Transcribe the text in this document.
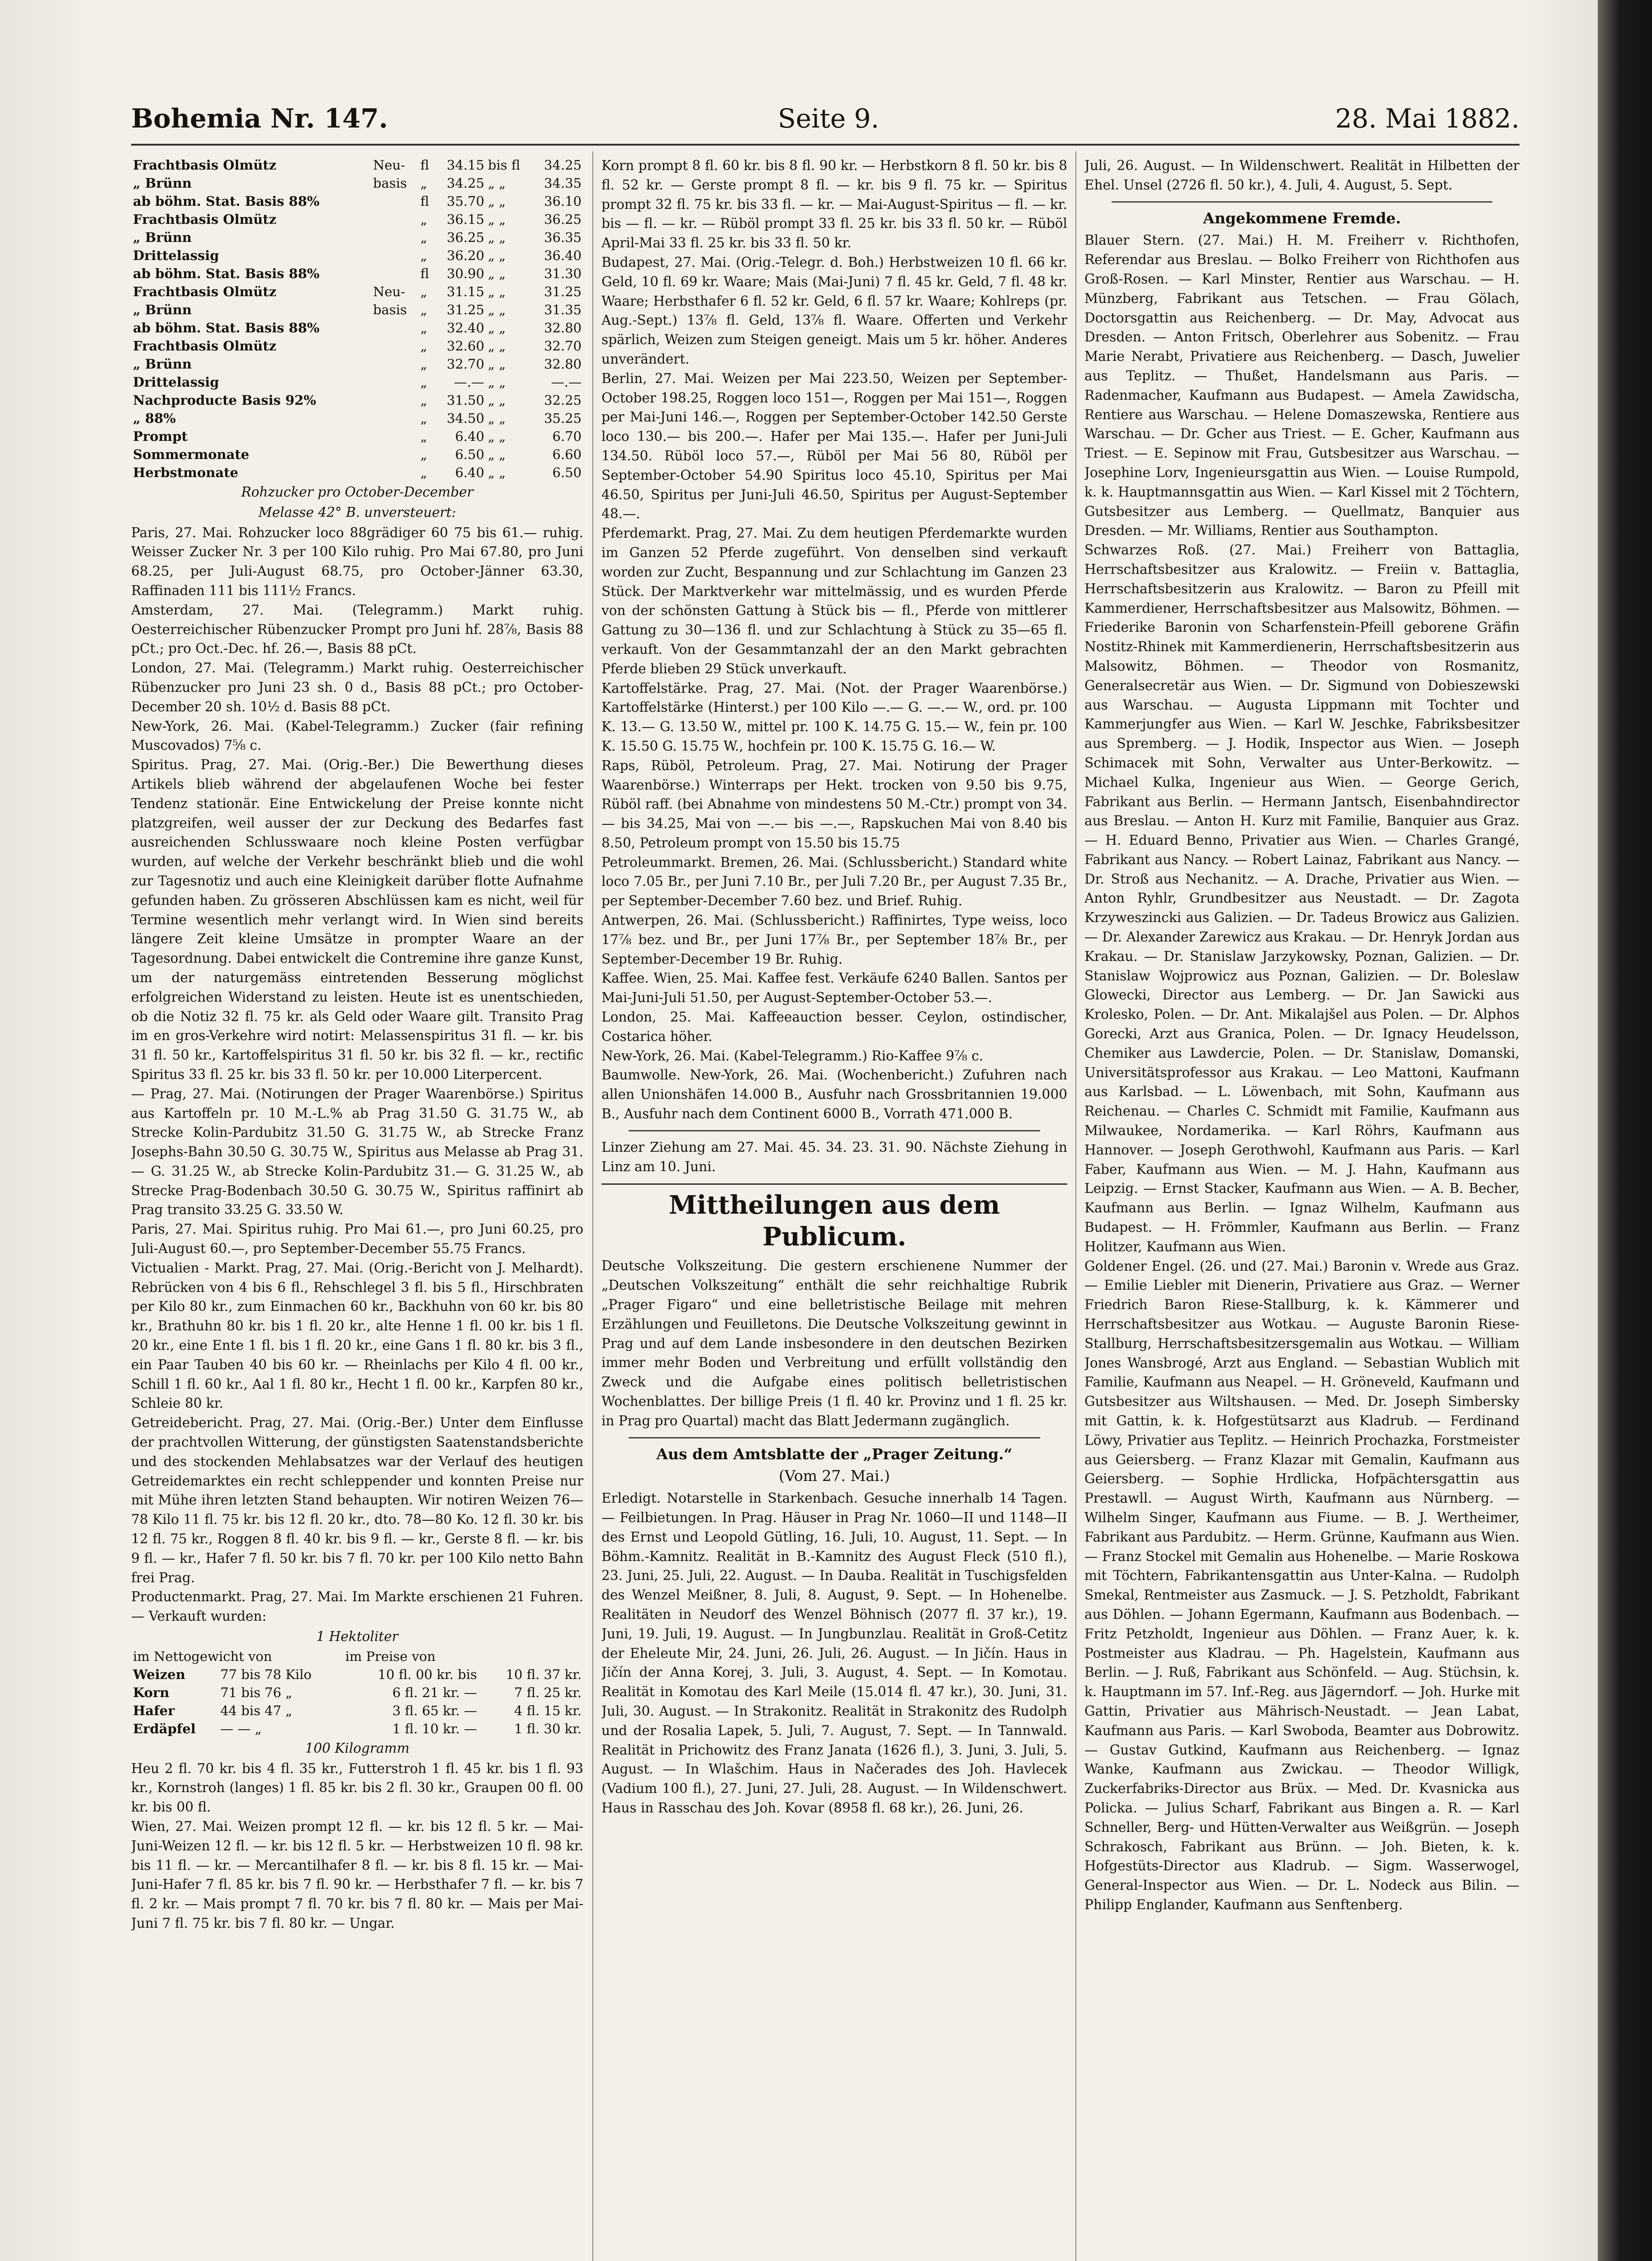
Bohemia Nr. 147.	Seite 9.	28. Mai 1882.
Frachtbasis Olmütz	Neu-	fl	34.15	bis fl	34.25
„ Brünn	basis	„	34.25	„ „	34.35
ab böhm. Stat. Basis 88%		fl	35.70	„ „	36.10
Frachtbasis Olmütz		„	36.15	„ „	36.25
„ Brünn		„	36.25	„ „	36.35
Drittelassig		„	36.20	„ „	36.40
ab böhm. Stat. Basis 88%		fl	30.90	„ „	31.30
Frachtbasis Olmütz	Neu-	„	31.15	„ „	31.25
„ Brünn	basis	„	31.25	„ „	31.35
ab böhm. Stat. Basis 88%		„	32.40	„ „	32.80
Frachtbasis Olmütz		„	32.60	„ „	32.70
„ Brünn		„	32.70	„ „	32.80
Drittelassig		„	—.—	„ „	—.—
Nachproducte Basis 92%		„	31.50	„ „	32.25
„ 88%		„	34.50	„ „	35.25
Prompt		„	6.40	„ „	6.70
Sommermonate		„	6.50	„ „	6.60
Herbstmonate		„	6.40	„ „	6.50

Rohzucker pro October-December

Melasse 42° B. unversteuert:

Paris, 27. Mai. Rohzucker loco 88grädiger 60 75 bis 61.— ruhig. Weisser Zucker Nr. 3 per 100 Kilo ruhig. Pro Mai 67.80, pro Juni 68.25, per Juli-August 68.75, pro October-Jänner 63.30, Raffinaden 111 bis 111½ Francs.

Amsterdam, 27. Mai. (Telegramm.) Markt ruhig. Oesterreichischer Rübenzucker Prompt pro Juni hf. 28⅞, Basis 88 pCt.; pro Oct.-Dec. hf. 26.—, Basis 88 pCt.

London, 27. Mai. (Telegramm.) Markt ruhig. Oesterreichischer Rübenzucker pro Juni 23 sh. 0 d., Basis 88 pCt.; pro October-December 20 sh. 10½ d. Basis 88 pCt.

New-York, 26. Mai. (Kabel-Telegramm.) Zucker (fair refining Muscovados) 7⅝ c.

Spiritus. Prag, 27. Mai. (Orig.-Ber.) Die Bewerthung dieses Artikels blieb während der abgelaufenen Woche bei fester Tendenz stationär. Eine Entwickelung der Preise konnte nicht platzgreifen, weil ausser der zur Deckung des Bedarfes fast ausreichenden Schlusswaare noch kleine Posten verfügbar wurden, auf welche der Verkehr beschränkt blieb und die wohl zur Tagesnotiz und auch eine Kleinigkeit darüber flotte Aufnahme gefunden haben. Zu grösseren Abschlüssen kam es nicht, weil für Termine wesentlich mehr verlangt wird. In Wien sind bereits längere Zeit kleine Umsätze in prompter Waare an der Tagesordnung. Dabei entwickelt die Contremine ihre ganze Kunst, um der naturgemäss eintretenden Besserung möglichst erfolgreichen Widerstand zu leisten. Heute ist es unentschieden, ob die Notiz 32 fl. 75 kr. als Geld oder Waare gilt. Transito Prag im en gros-Verkehre wird notirt: Melassenspiritus 31 fl. — kr. bis 31 fl. 50 kr., Kartoffelspiritus 31 fl. 50 kr. bis 32 fl. — kr., rectific Spiritus 33 fl. 25 kr. bis 33 fl. 50 kr. per 10.000 Literpercent.

— Prag, 27. Mai. (Notirungen der Prager Waarenbörse.) Spiritus aus Kartoffeln pr. 10 M.-L.% ab Prag 31.50 G. 31.75 W., ab Strecke Kolin-Pardubitz 31.50 G. 31.75 W., ab Strecke Franz Josephs-Bahn 30.50 G. 30.75 W., Spiritus aus Melasse ab Prag 31.— G. 31.25 W., ab Strecke Kolin-Pardubitz 31.— G. 31.25 W., ab Strecke Prag-Bodenbach 30.50 G. 30.75 W., Spiritus raffinirt ab Prag transito 33.25 G. 33.50 W.

Paris, 27. Mai. Spiritus ruhig. Pro Mai 61.—, pro Juni 60.25, pro Juli-August 60.—, pro September-December 55.75 Francs.

Victualien - Markt. Prag, 27. Mai. (Orig.-Bericht von J. Melhardt). Rebrücken von 4 bis 6 fl., Rehschlegel 3 fl. bis 5 fl., Hirschbraten per Kilo 80 kr., zum Einmachen 60 kr., Backhuhn von 60 kr. bis 80 kr., Brathuhn 80 kr. bis 1 fl. 20 kr., alte Henne 1 fl. 00 kr. bis 1 fl. 20 kr., eine Ente 1 fl. bis 1 fl. 20 kr., eine Gans 1 fl. 80 kr. bis 3 fl., ein Paar Tauben 40 bis 60 kr. — Rheinlachs per Kilo 4 fl. 00 kr., Schill 1 fl. 60 kr., Aal 1 fl. 80 kr., Hecht 1 fl. 00 kr., Karpfen 80 kr., Schleie 80 kr.

Getreidebericht. Prag, 27. Mai. (Orig.-Ber.) Unter dem Einflusse der prachtvollen Witterung, der günstigsten Saatenstandsberichte und des stockenden Mehlabsatzes war der Verlauf des heutigen Getreidemarktes ein recht schleppender und konnten Preise nur mit Mühe ihren letzten Stand behaupten. Wir notiren Weizen 76—78 Kilo 11 fl. 75 kr. bis 12 fl. 20 kr., dto. 78—80 Ko. 12 fl. 30 kr. bis 12 fl. 75 kr., Roggen 8 fl. 40 kr. bis 9 fl. — kr., Gerste 8 fl. — kr. bis 9 fl. — kr., Hafer 7 fl. 50 kr. bis 7 fl. 70 kr. per 100 Kilo netto Bahn frei Prag.

Productenmarkt. Prag, 27. Mai. Im Markte erschienen 21 Fuhren. — Verkauft wurden:

1 Hektoliter

im Nettogewicht von		im Preise von	
Weizen	77 bis 78 Kilo	10 fl. 00 kr. bis	10 fl. 37 kr.
Korn	71 bis 76 „	6 fl. 21 kr. —	7 fl. 25 kr.
Hafer	44 bis 47 „	3 fl. 65 kr. —	4 fl. 15 kr.
Erdäpfel	— — „	1 fl. 10 kr. —	1 fl. 30 kr.

100 Kilogramm

Heu 2 fl. 70 kr. bis 4 fl. 35 kr., Futterstroh 1 fl. 45 kr. bis 1 fl. 93 kr., Kornstroh (langes) 1 fl. 85 kr. bis 2 fl. 30 kr., Graupen 00 fl. 00 kr. bis 00 fl.

Wien, 27. Mai. Weizen prompt 12 fl. — kr. bis 12 fl. 5 kr. — Mai-Juni-Weizen 12 fl. — kr. bis 12 fl. 5 kr. — Herbstweizen 10 fl. 98 kr. bis 11 fl. — kr. — Mercantilhafer 8 fl. — kr. bis 8 fl. 15 kr. — Mai-Juni-Hafer 7 fl. 85 kr. bis 7 fl. 90 kr. — Herbsthafer 7 fl. — kr. bis 7 fl. 2 kr. — Mais prompt 7 fl. 70 kr. bis 7 fl. 80 kr. — Mais per Mai-Juni 7 fl. 75 kr. bis 7 fl. 80 kr. — Ungar.

Korn prompt 8 fl. 60 kr. bis 8 fl. 90 kr. — Herbstkorn 8 fl. 50 kr. bis 8 fl. 52 kr. — Gerste prompt 8 fl. — kr. bis 9 fl. 75 kr. — Spiritus prompt 32 fl. 75 kr. bis 33 fl. — kr. — Mai-August-Spiritus — fl. — kr. bis — fl. — kr. — Rüböl prompt 33 fl. 25 kr. bis 33 fl. 50 kr. — Rüböl April-Mai 33 fl. 25 kr. bis 33 fl. 50 kr.

Budapest, 27. Mai. (Orig.-Telegr. d. Boh.) Herbstweizen 10 fl. 66 kr. Geld, 10 fl. 69 kr. Waare; Mais (Mai-Juni) 7 fl. 45 kr. Geld, 7 fl. 48 kr. Waare; Herbsthafer 6 fl. 52 kr. Geld, 6 fl. 57 kr. Waare; Kohlreps (pr. Aug.-Sept.) 13⅞ fl. Geld, 13⅞ fl. Waare. Offerten und Verkehr spärlich, Weizen zum Steigen geneigt. Mais um 5 kr. höher. Anderes unverändert.

Berlin, 27. Mai. Weizen per Mai 223.50, Weizen per September-October 198.25, Roggen loco 151—, Roggen per Mai 151—, Roggen per Mai-Juni 146.—, Roggen per September-October 142.50 Gerste loco 130.— bis 200.—. Hafer per Mai 135.—. Hafer per Juni-Juli 134.50. Rüböl loco 57.—, Rüböl per Mai 56 80, Rüböl per September-October 54.90 Spiritus loco 45.10, Spiritus per Mai 46.50, Spiritus per Juni-Juli 46.50, Spiritus per August-September 48.—.

Pferdemarkt. Prag, 27. Mai. Zu dem heutigen Pferdemarkte wurden im Ganzen 52 Pferde zugeführt. Von denselben sind verkauft worden zur Zucht, Bespannung und zur Schlachtung im Ganzen 23 Stück. Der Marktverkehr war mittelmässig, und es wurden Pferde von der schönsten Gattung à Stück bis — fl., Pferde von mittlerer Gattung zu 30—136 fl. und zur Schlachtung à Stück zu 35—65 fl. verkauft. Von der Gesammtanzahl der an den Markt gebrachten Pferde blieben 29 Stück unverkauft.

Kartoffelstärke. Prag, 27. Mai. (Not. der Prager Waarenbörse.) Kartoffelstärke (Hinterst.) per 100 Kilo —.— G. —.— W., ord. pr. 100 K. 13.— G. 13.50 W., mittel pr. 100 K. 14.75 G. 15.— W., fein pr. 100 K. 15.50 G. 15.75 W., hochfein pr. 100 K. 15.75 G. 16.— W.

Raps, Rüböl, Petroleum. Prag, 27. Mai. Notirung der Prager Waarenbörse.) Winterraps per Hekt. trocken von 9.50 bis 9.75, Rüböl raff. (bei Abnahme von mindestens 50 M.-Ctr.) prompt von 34.— bis 34.25, Mai von —.— bis —.—, Rapskuchen Mai von 8.40 bis 8.50, Petroleum prompt von 15.50 bis 15.75

Petroleummarkt. Bremen, 26. Mai. (Schlussbericht.) Standard white loco 7.05 Br., per Juni 7.10 Br., per Juli 7.20 Br., per August 7.35 Br., per September-December 7.60 bez. und Brief. Ruhig.

Antwerpen, 26. Mai. (Schlussbericht.) Raffinirtes, Type weiss, loco 17⅞ bez. und Br., per Juni 17⅞ Br., per September 18⅞ Br., per September-December 19 Br. Ruhig.

Kaffee. Wien, 25. Mai. Kaffee fest. Verkäufe 6240 Ballen. Santos per Mai-Juni-Juli 51.50, per August-September-October 53.—.

London, 25. Mai. Kaffeeauction besser. Ceylon, ostindischer, Costarica höher.

New-York, 26. Mai. (Kabel-Telegramm.) Rio-Kaffee 9⅞ c.

Baumwolle. New-York, 26. Mai. (Wochenbericht.) Zufuhren nach allen Unionshäfen 14.000 B., Ausfuhr nach Grossbritannien 19.000 B., Ausfuhr nach dem Continent 6000 B., Vorrath 471.000 B.

Linzer Ziehung am 27. Mai. 45. 34. 23. 31. 90. Nächste Ziehung in Linz am 10. Juni.

Mittheilungen aus dem Publicum.

Deutsche Volkszeitung. Die gestern erschienene Nummer der „Deutschen Volkszeitung“ enthält die sehr reichhaltige Rubrik „Prager Figaro“ und eine belletristische Beilage mit mehren Erzählungen und Feuilletons. Die Deutsche Volkszeitung gewinnt in Prag und auf dem Lande insbesondere in den deutschen Bezirken immer mehr Boden und Verbreitung und erfüllt vollständig den Zweck und die Aufgabe eines politisch belletristischen Wochenblattes. Der billige Preis (1 fl. 40 kr. Provinz und 1 fl. 25 kr. in Prag pro Quartal) macht das Blatt Jedermann zugänglich.

Aus dem Amtsblatte der „Prager Zeitung.“

(Vom 27. Mai.)

Erledigt. Notarstelle in Starkenbach. Gesuche innerhalb 14 Tagen. — Feilbietungen. In Prag. Häuser in Prag Nr. 1060—II und 1148—II des Ernst und Leopold Gütling, 16. Juli, 10. August, 11. Sept. — In Böhm.-Kamnitz. Realität in B.-Kamnitz des August Fleck (510 fl.), 23. Juni, 25. Juli, 22. August. — In Dauba. Realität in Tuschigsfelden des Wenzel Meißner, 8. Juli, 8. August, 9. Sept. — In Hohenelbe. Realitäten in Neudorf des Wenzel Böhnisch (2077 fl. 37 kr.), 19. Juni, 19. Juli, 19. August. — In Jungbunzlau. Realität in Groß-Cetitz der Eheleute Mir, 24. Juni, 26. Juli, 26. August. — In Jičín. Haus in Jičín der Anna Korej, 3. Juli, 3. August, 4. Sept. — In Komotau. Realität in Komotau des Karl Meile (15.014 fl. 47 kr.), 30. Juni, 31. Juli, 30. August. — In Strakonitz. Realität in Strakonitz des Rudolph und der Rosalia Lapek, 5. Juli, 7. August, 7. Sept. — In Tannwald. Realität in Prichowitz des Franz Janata (1626 fl.), 3. Juni, 3. Juli, 5. August. — In Wlašchim. Haus in Načerades des Joh. Havlecek (Vadium 100 fl.), 27. Juni, 27. Juli, 28. August. — In Wildenschwert. Haus in Rasschau des Joh. Kovar (8958 fl. 68 kr.), 26. Juni, 26.

Juli, 26. August. — In Wildenschwert. Realität in Hilbetten der Ehel. Unsel (2726 fl. 50 kr.), 4. Juli, 4. August, 5. Sept.

Angekommene Fremde.

Blauer Stern. (27. Mai.) H. M. Freiherr v. Richthofen, Referendar aus Breslau. — Bolko Freiherr von Richthofen aus Groß-Rosen. — Karl Minster, Rentier aus Warschau. — H. Münzberg, Fabrikant aus Tetschen. — Frau Gölach, Doctorsgattin aus Reichenberg. — Dr. May, Advocat aus Dresden. — Anton Fritsch, Oberlehrer aus Sobenitz. — Frau Marie Nerabt, Privatiere aus Reichenberg. — Dasch, Juwelier aus Teplitz. — Thußet, Handelsmann aus Paris. — Radenmacher, Kaufmann aus Budapest. — Amela Zawidscha, Rentiere aus Warschau. — Helene Domaszewska, Rentiere aus Warschau. — Dr. Gcher aus Triest. — E. Gcher, Kaufmann aus Triest. — E. Sepinow mit Frau, Gutsbesitzer aus Warschau. — Josephine Lorv, Ingenieursgattin aus Wien. — Louise Rumpold, k. k. Hauptmannsgattin aus Wien. — Karl Kissel mit 2 Töchtern, Gutsbesitzer aus Lemberg. — Quellmatz, Banquier aus Dresden. — Mr. Williams, Rentier aus Southampton.

Schwarzes Roß. (27. Mai.) Freiherr von Battaglia, Herrschaftsbesitzer aus Kralowitz. — Freiin v. Battaglia, Herrschaftsbesitzerin aus Kralowitz. — Baron zu Pfeill mit Kammerdiener, Herrschaftsbesitzer aus Malsowitz, Böhmen. — Friederike Baronin von Scharfenstein-Pfeill geborene Gräfin Nostitz-Rhinek mit Kammerdienerin, Herrschaftsbesitzerin aus Malsowitz, Böhmen. — Theodor von Rosmanitz, Generalsecretär aus Wien. — Dr. Sigmund von Dobieszewski aus Warschau. — Augusta Lippmann mit Tochter und Kammerjungfer aus Wien. — Karl W. Jeschke, Fabriksbesitzer aus Spremberg. — J. Hodik, Inspector aus Wien. — Joseph Schimacek mit Sohn, Verwalter aus Unter-Berkowitz. — Michael Kulka, Ingenieur aus Wien. — George Gerich, Fabrikant aus Berlin. — Hermann Jantsch, Eisenbahndirector aus Breslau. — Anton H. Kurz mit Familie, Banquier aus Graz. — H. Eduard Benno, Privatier aus Wien. — Charles Grangé, Fabrikant aus Nancy. — Robert Lainaz, Fabrikant aus Nancy. — Dr. Stroß aus Nechanitz. — A. Drache, Privatier aus Wien. — Anton Ryhlr, Grundbesitzer aus Neustadt. — Dr. Zagota Krzyweszincki aus Galizien. — Dr. Tadeus Browicz aus Galizien. — Dr. Alexander Zarewicz aus Krakau. — Dr. Henryk Jordan aus Krakau. — Dr. Stanislaw Jarzykowsky, Poznan, Galizien. — Dr. Stanislaw Wojprowicz aus Poznan, Galizien. — Dr. Boleslaw Glowecki, Director aus Lemberg. — Dr. Jan Sawicki aus Krolesko, Polen. — Dr. Ant. Mikalajšel aus Polen. — Dr. Alphos Gorecki, Arzt aus Granica, Polen. — Dr. Ignacy Heudelsson, Chemiker aus Lawdercie, Polen. — Dr. Stanislaw, Domanski, Universitätsprofessor aus Krakau. — Leo Mattoni, Kaufmann aus Karlsbad. — L. Löwenbach, mit Sohn, Kaufmann aus Reichenau. — Charles C. Schmidt mit Familie, Kaufmann aus Milwaukee, Nordamerika. — Karl Röhrs, Kaufmann aus Hannover. — Joseph Gerothwohl, Kaufmann aus Paris. — Karl Faber, Kaufmann aus Wien. — M. J. Hahn, Kaufmann aus Leipzig. — Ernst Stacker, Kaufmann aus Wien. — A. B. Becher, Kaufmann aus Berlin. — Ignaz Wilhelm, Kaufmann aus Budapest. — H. Frömmler, Kaufmann aus Berlin. — Franz Holitzer, Kaufmann aus Wien.

Goldener Engel. (26. und (27. Mai.) Baronin v. Wrede aus Graz. — Emilie Liebler mit Dienerin, Privatiere aus Graz. — Werner Friedrich Baron Riese-Stallburg, k. k. Kämmerer und Herrschaftsbesitzer aus Wotkau. — Auguste Baronin Riese-Stallburg, Herrschaftsbesitzersgemalin aus Wotkau. — William Jones Wansbrogé, Arzt aus England. — Sebastian Wublich mit Familie, Kaufmann aus Neapel. — H. Gröneveld, Kaufmann und Gutsbesitzer aus Wiltshausen. — Med. Dr. Joseph Simbersky mit Gattin, k. k. Hofgestütsarzt aus Kladrub. — Ferdinand Löwy, Privatier aus Teplitz. — Heinrich Prochazka, Forstmeister aus Geiersberg. — Franz Klazar mit Gemalin, Kaufmann aus Geiersberg. — Sophie Hrdlicka, Hofpächtersgattin aus Prestawll. — August Wirth, Kaufmann aus Nürnberg. — Wilhelm Singer, Kaufmann aus Fiume. — B. J. Wertheimer, Fabrikant aus Pardubitz. — Herm. Grünne, Kaufmann aus Wien. — Franz Stockel mit Gemalin aus Hohenelbe. — Marie Roskowa mit Töchtern, Fabrikantensgattin aus Unter-Kalna. — Rudolph Smekal, Rentmeister aus Zasmuck. — J. S. Petzholdt, Fabrikant aus Döhlen. — Johann Egermann, Kaufmann aus Bodenbach. — Fritz Petzholdt, Ingenieur aus Döhlen. — Franz Auer, k. k. Postmeister aus Kladrau. — Ph. Hagelstein, Kaufmann aus Berlin. — J. Ruß, Fabrikant aus Schönfeld. — Aug. Stüchsin, k. k. Hauptmann im 57. Inf.-Reg. aus Jägerndorf. — Joh. Hurke mit Gattin, Privatier aus Mährisch-Neustadt. — Jean Labat, Kaufmann aus Paris. — Karl Swoboda, Beamter aus Dobrowitz. — Gustav Gutkind, Kaufmann aus Reichenberg. — Ignaz Wanke, Kaufmann aus Zwickau. — Theodor Willigk, Zuckerfabriks-Director aus Brüx. — Med. Dr. Kvasnicka aus Policka. — Julius Scharf, Fabrikant aus Bingen a. R. — Karl Schneller, Berg- und Hütten-Verwalter aus Weißgrün. — Joseph Schrakosch, Fabrikant aus Brünn. — Joh. Bieten, k. k. Hofgestüts-Director aus Kladrub. — Sigm. Wasserwogel, General-Inspector aus Wien. — Dr. L. Nodeck aus Bilin. — Philipp Englander, Kaufmann aus Senftenberg.
